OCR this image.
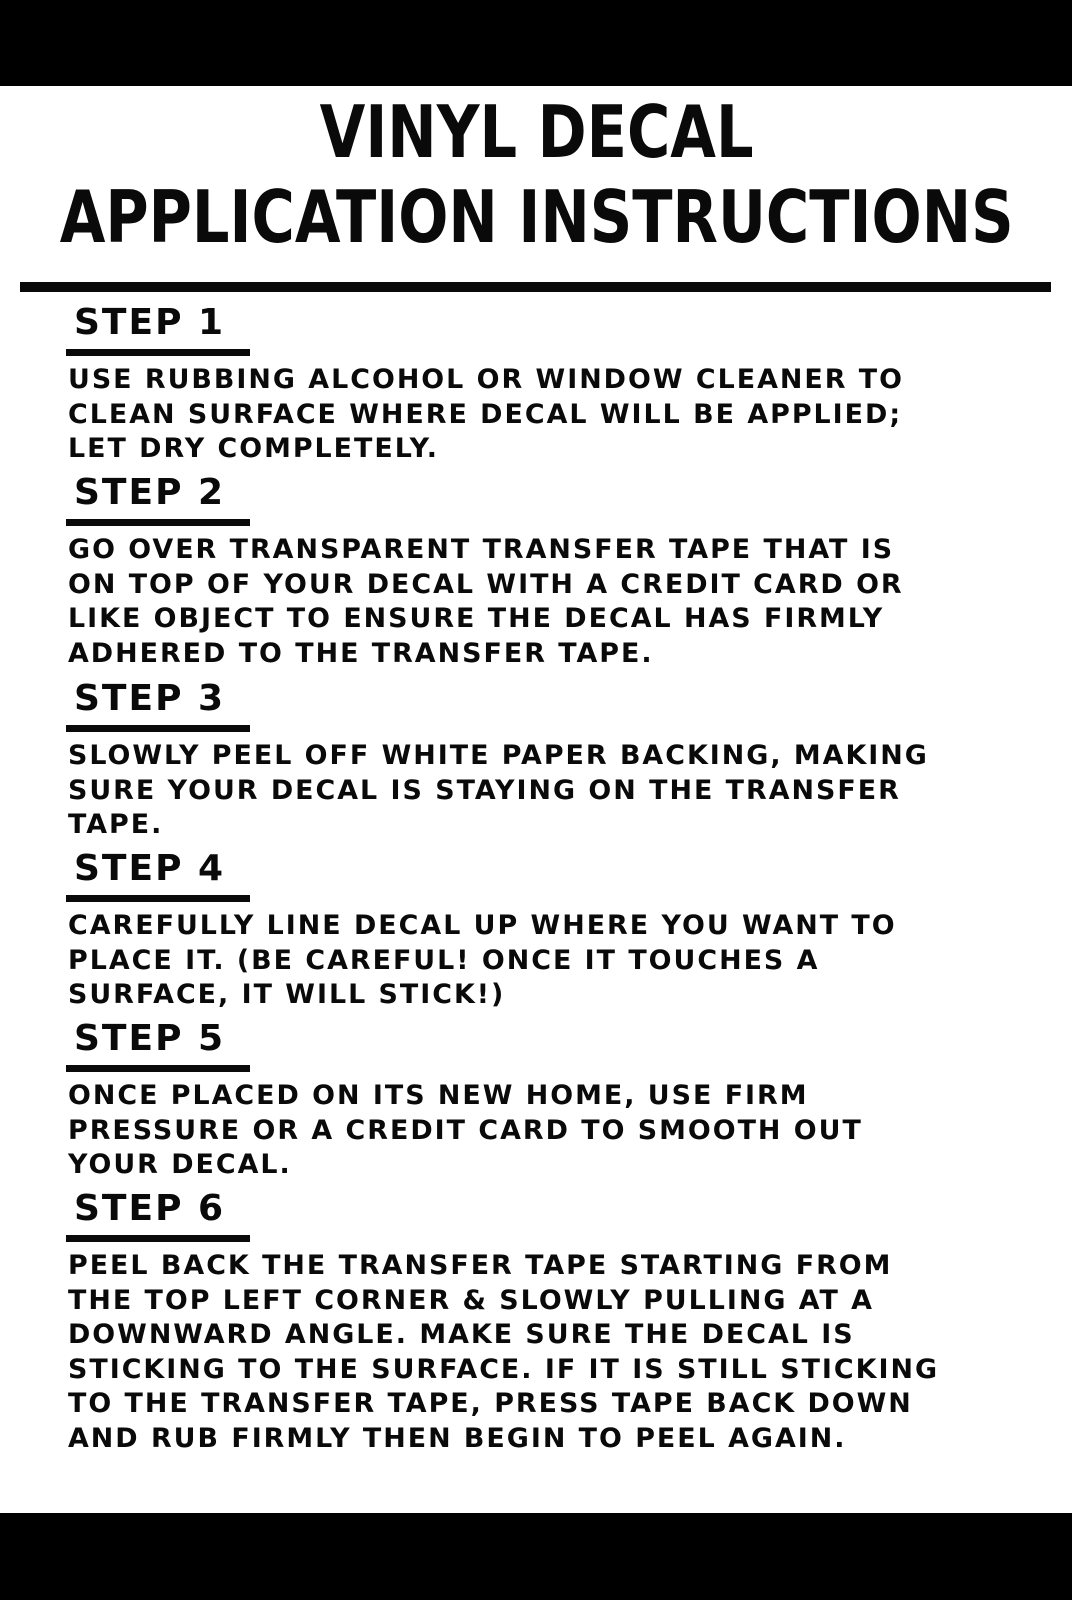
VINYL DECAL
APPLICATION INSTRUCTIONS
STEP 1

USE RUBBING ALCOHOL OR WINDOW CLEANER TO
CLEAN SURFACE WHERE DECAL WILL BE APPLIED;
LET DRY COMPLETELY.

STEP 2

GO OVER TRANSPARENT TRANSFER TAPE THAT IS
ON TOP OF YOUR DECAL WITH A CREDIT CARD OR
LIKE OBJECT TO ENSURE THE DECAL HAS FIRMLY
ADHERED TO THE TRANSFER TAPE.

STEP 3

SLOWLY PEEL OFF WHITE PAPER BACKING, MAKING
SURE YOUR DECAL IS STAYING ON THE TRANSFER
TAPE.

STEP 4

CAREFULLY LINE DECAL UP WHERE YOU WANT TO
PLACE IT. (BE CAREFUL! ONCE IT TOUCHES A
SURFACE, IT WILL STICK!)

STEP 5

ONCE PLACED ON ITS NEW HOME, USE FIRM
PRESSURE OR A CREDIT CARD TO SMOOTH OUT
YOUR DECAL.

STEP 6

PEEL BACK THE TRANSFER TAPE STARTING FROM
THE TOP LEFT CORNER & SLOWLY PULLING AT A
DOWNWARD ANGLE. MAKE SURE THE DECAL IS
STICKING TO THE SURFACE. IF IT IS STILL STICKING
TO THE TRANSFER TAPE, PRESS TAPE BACK DOWN
AND RUB FIRMLY THEN BEGIN TO PEEL AGAIN.
